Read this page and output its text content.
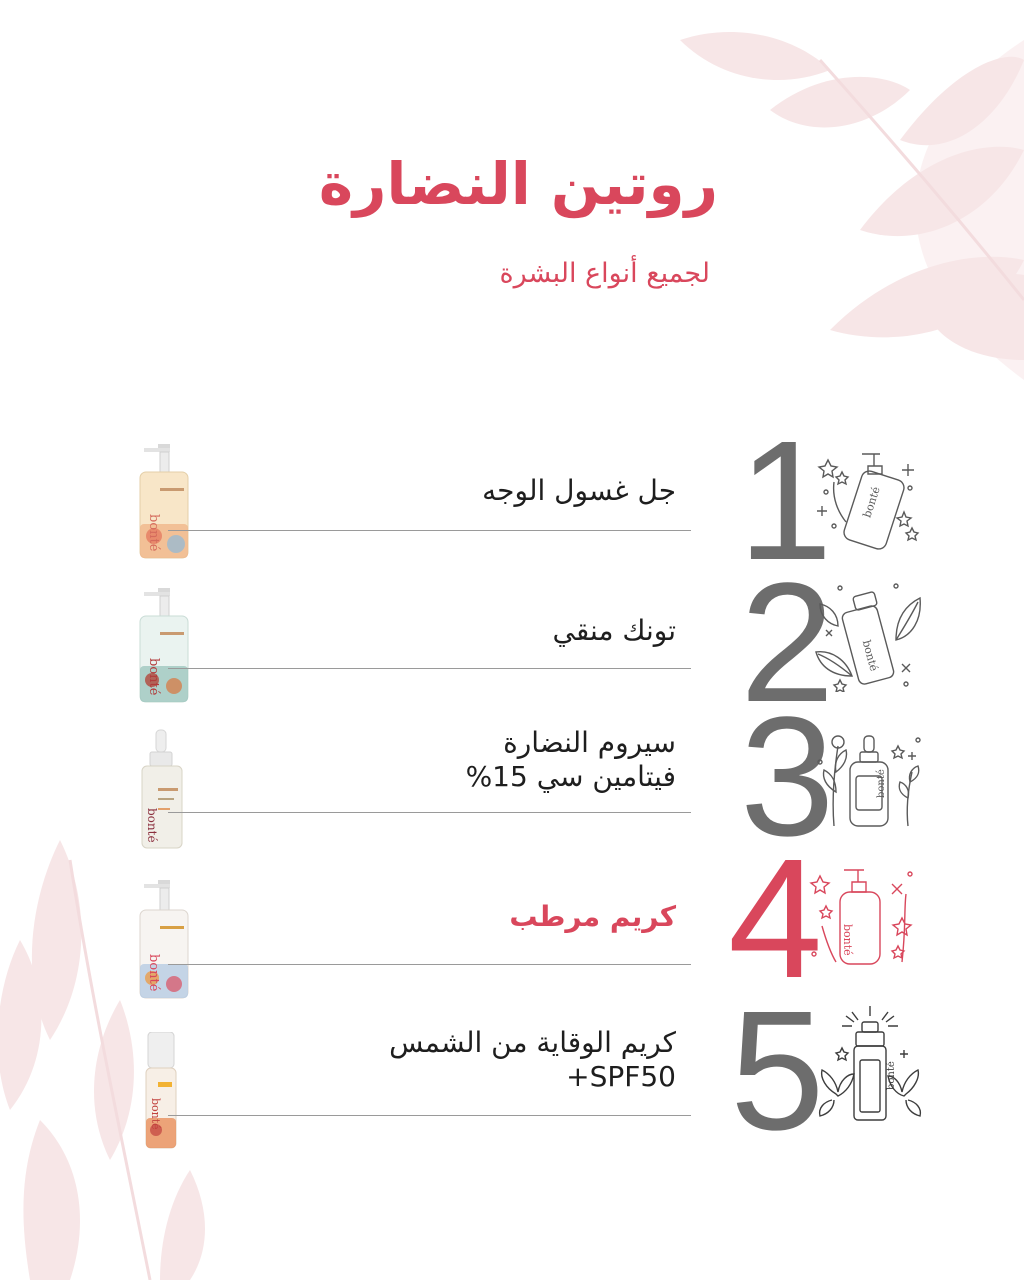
روتين النضارة
لجميع أنواع البشرة
bonté
جل غسول الوجه 1	bonté
bonté
تونك منقي 2 bonté
bonté
سيروم النضارة
فيتامين سي 15% 3	bonté
bonté
كريم مرطب 4 bonté
bonté
كريم الوقاية من الشمس
SPF50+ 5	bonté
